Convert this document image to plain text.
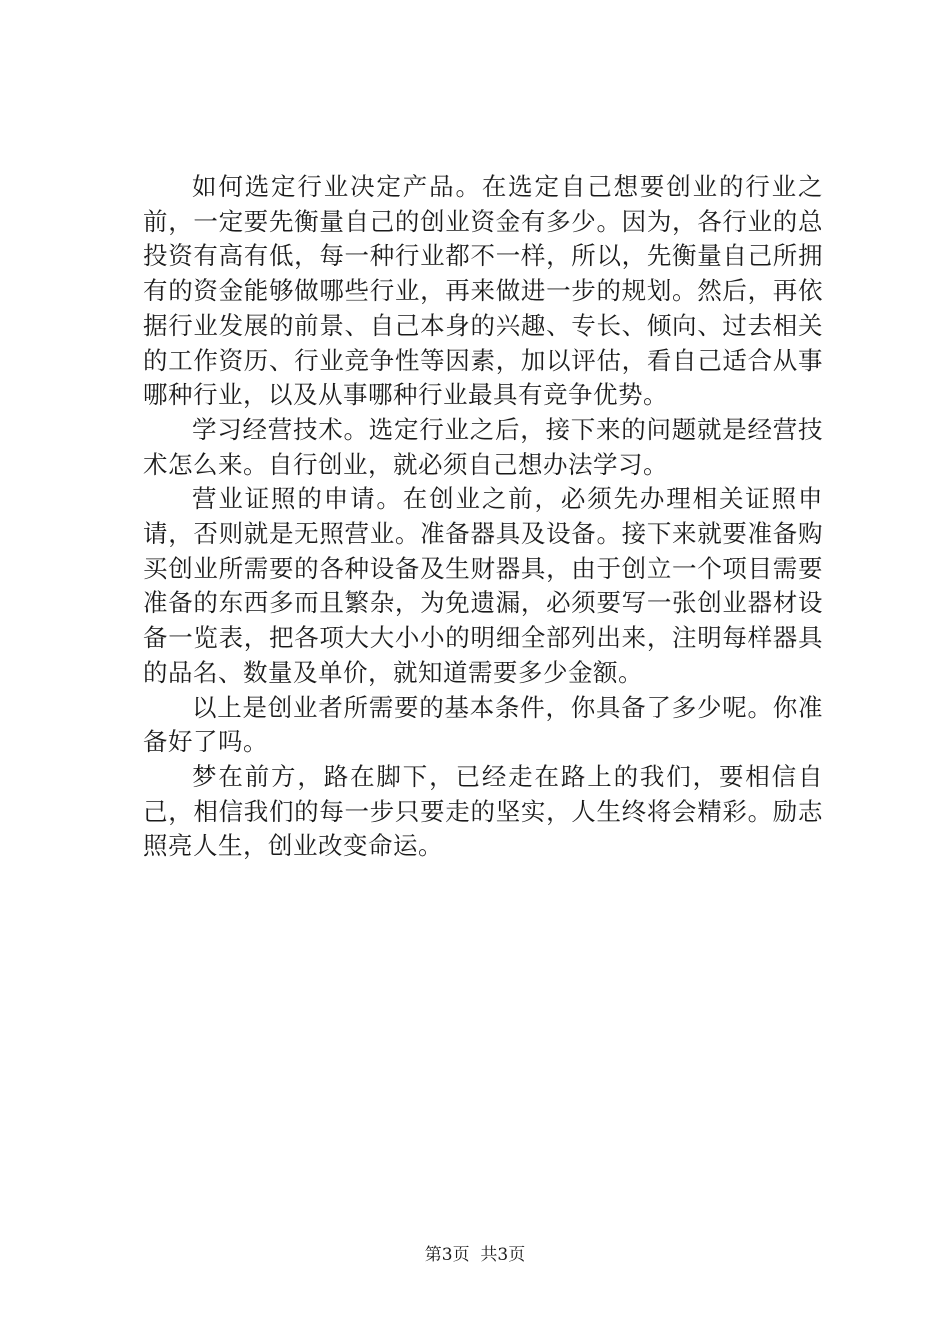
如何选定行业决定产品。在选定自己想要创业的行业之前，一定要先衡量自己的创业资金有多少。因为，各行业的总投资有高有低，每一种行业都不一样，所以，先衡量自己所拥有的资金能够做哪些行业，再来做进一步的规划。然后，再依据行业发展的前景、自己本身的兴趣、专长、倾向、过去相关的工作资历、行业竞争性等因素，加以评估，看自己适合从事哪种行业，以及从事哪种行业最具有竞争优势。

学习经营技术。选定行业之后，接下来的问题就是经营技术怎么来。自行创业，就必须自己想办法学习。

营业证照的申请。在创业之前，必须先办理相关证照申请，否则就是无照营业。准备器具及设备。接下来就要准备购买创业所需要的各种设备及生财器具，由于创立一个项目需要准备的东西多而且繁杂，为免遗漏，必须要写一张创业器材设备一览表，把各项大大小小的明细全部列出来，注明每样器具的品名、数量及单价，就知道需要多少金额。

以上是创业者所需要的基本条件，你具备了多少呢。你准备好了吗。

梦在前方，路在脚下，已经走在路上的我们，要相信自己，相信我们的每一步只要走的坚实，人生终将会精彩。励志照亮人生，创业改变命运。

第3页  共3页
